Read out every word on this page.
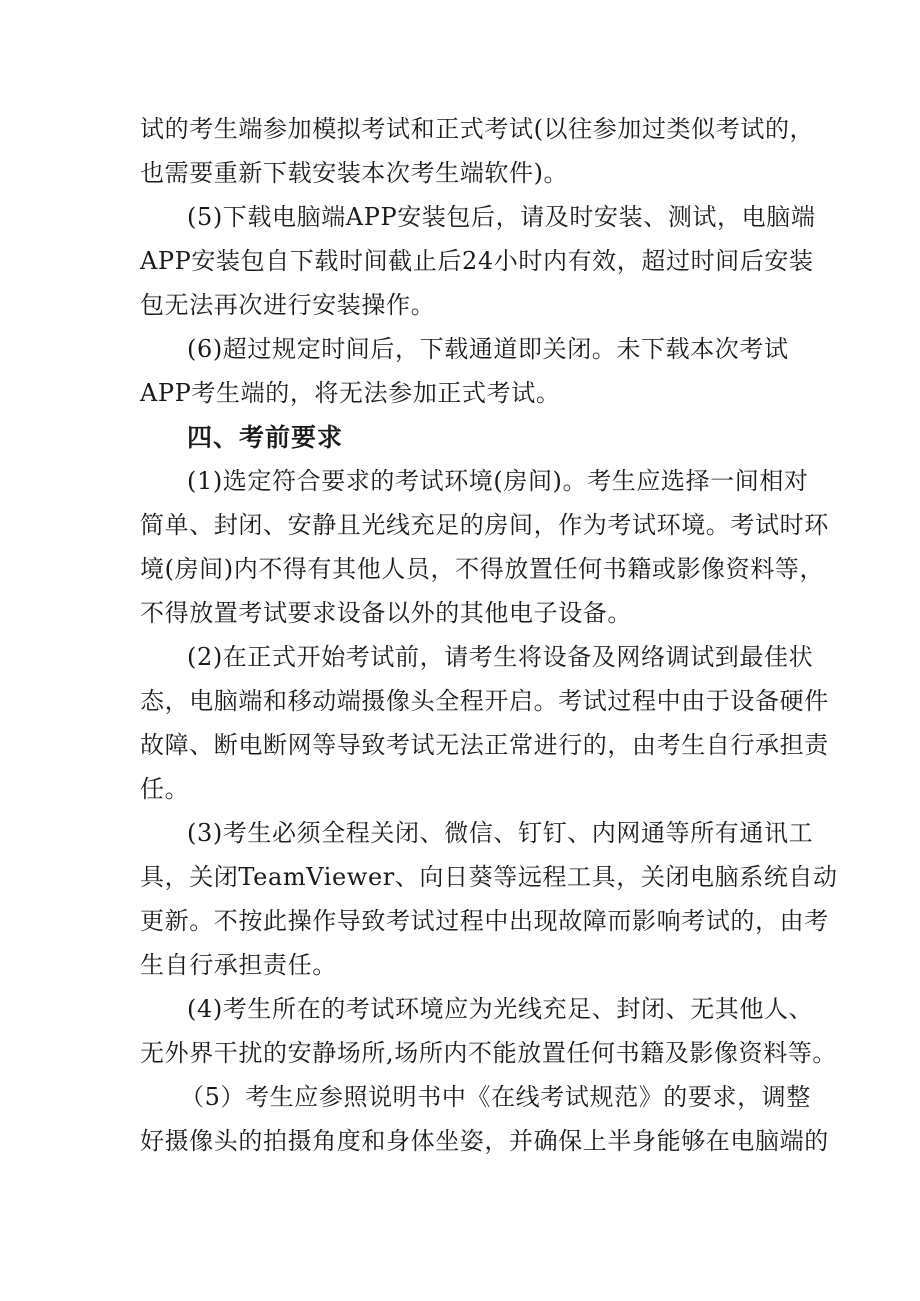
试的考生端参加模拟考试和正式考试(以往参加过类似考试的，
也需要重新下载安装本次考生端软件)。
(5)下载电脑端APP安装包后，请及时安装、测试，电脑端
APP安装包自下载时间截止后24小时内有效，超过时间后安装
包无法再次进行安装操作。
(6)超过规定时间后，下载通道即关闭。未下载本次考试
APP考生端的，将无法参加正式考试。
四、考前要求
(1)选定符合要求的考试环境(房间)。考生应选择一间相对
简单、封闭、安静且光线充足的房间，作为考试环境。考试时环
境(房间)内不得有其他人员，不得放置任何书籍或影像资料等，
不得放置考试要求设备以外的其他电子设备。
(2)在正式开始考试前，请考生将设备及网络调试到最佳状
态，电脑端和移动端摄像头全程开启。考试过程中由于设备硬件
故障、断电断网等导致考试无法正常进行的，由考生自行承担责
任。
(3)考生必须全程关闭、微信、钉钉、内网通等所有通讯工
具，关闭TeamViewer、向日葵等远程工具，关闭电脑系统自动
更新。不按此操作导致考试过程中出现故障而影响考试的，由考
生自行承担责任。
(4)考生所在的考试环境应为光线充足、封闭、无其他人、
无外界干扰的安静场所,场所内不能放置任何书籍及影像资料等。
（5）考生应参照说明书中《在线考试规范》的要求，调整
好摄像头的拍摄角度和身体坐姿，并确保上半身能够在电脑端的
